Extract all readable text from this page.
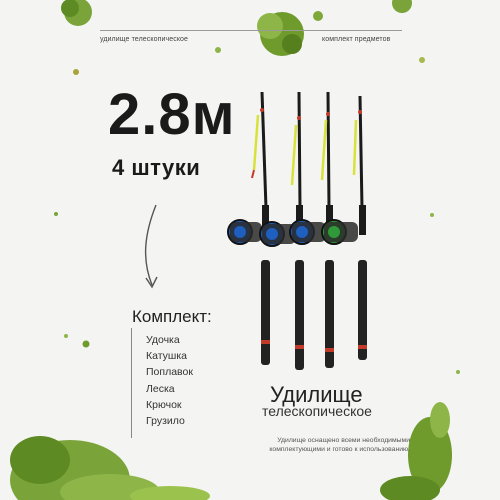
удилище телескопическое	комплект предметов
2.8м
4 штуки
Комплект:
Удочка
Катушка
Поплавок
Леска
Крючок
Грузило
Удилище
телескопическое
Удилище оснащено всеми необходимыми комплектующими и готово к использованию.
